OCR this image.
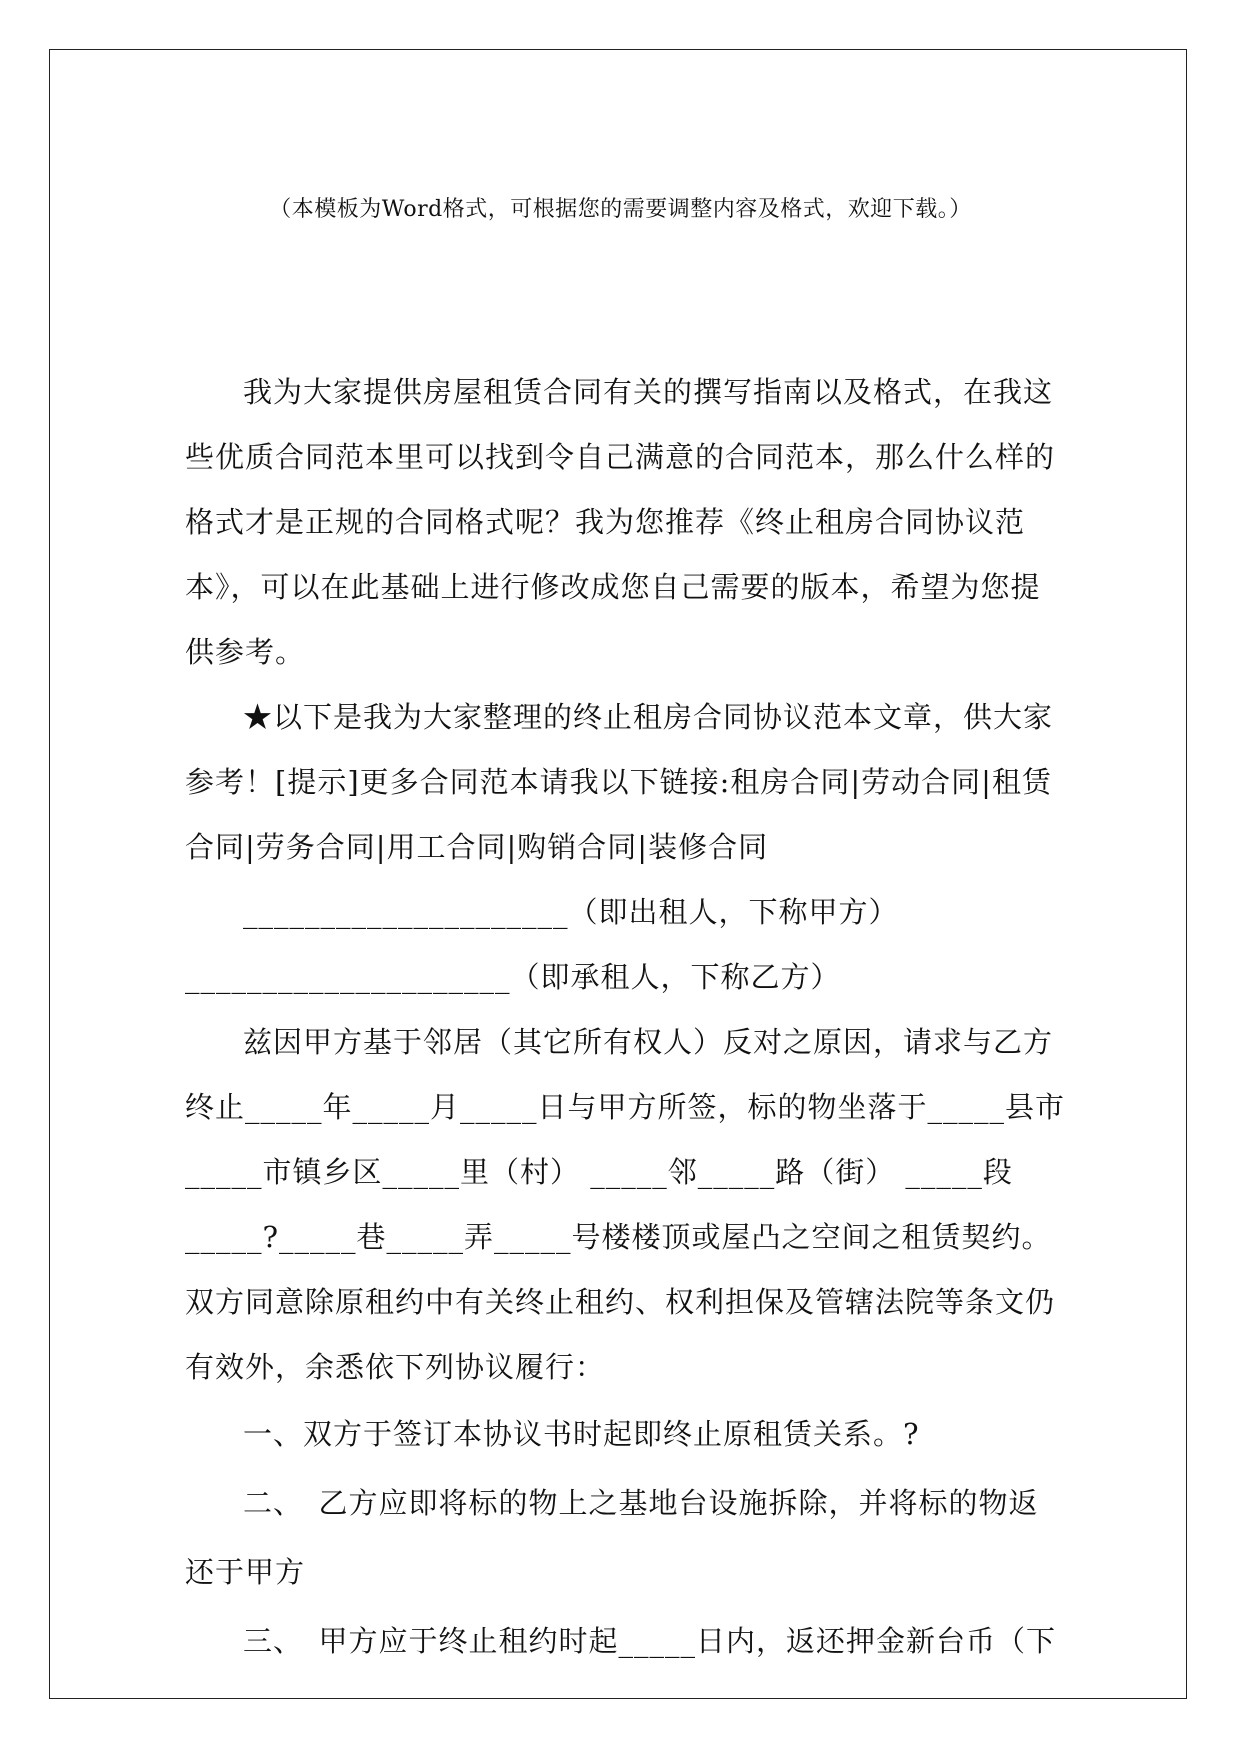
（本模板为Word格式，可根据您的需要调整内容及格式，欢迎下载。）

我为大家提供房屋租赁合同有关的撰写指南以及格式，在我这些优质合同范本里可以找到令自己满意的合同范本，那么什么样的格式才是正规的合同格式呢？我为您推荐《终止租房合同协议范本》，可以在此基础上进行修改成您自己需要的版本，希望为您提供参考。

★以下是我为大家整理的终止租房合同协议范本文章，供大家参考！[提示]更多合同范本请我以下链接:租房合同|劳动合同|租赁合同|劳务合同|用工合同|购销合同|装修合同

_____________________（即出租人，下称甲方）

_____________________（即承租人，下称乙方）

兹因甲方基于邻居（其它所有权人）反对之原因，请求与乙方终止_____年_____月_____日与甲方所签，标的物坐落于_____县市_____市镇乡区_____里（村） _____邻_____路（街） _____段_____?_____巷_____弄_____号楼楼顶或屋凸之空间之租赁契约。双方同意除原租约中有关终止租约、权利担保及管辖法院等条文仍有效外，余悉依下列协议履行：

一、双方于签订本协议书时起即终止原租赁关系。?

二、　乙方应即将标的物上之基地台设施拆除，并将标的物返还于甲方

三、　甲方应于终止租约时起_____日内，返还押金新台币（下
